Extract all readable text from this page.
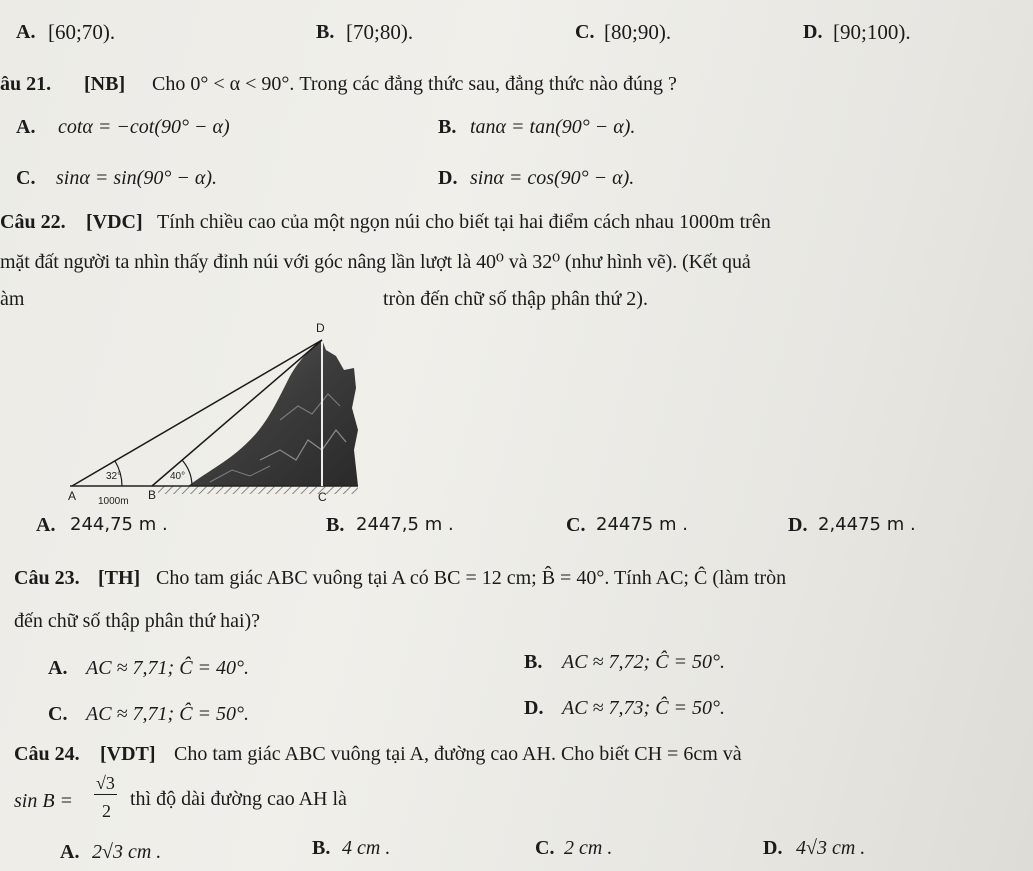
A. [60;70).	B. [70;80).	C. [80;90).	D. [90;100).
âu 21. [NB] Cho 0° < α < 90°. Trong các đẳng thức sau, đẳng thức nào đúng ?
A. cotα = −cot(90° − α)	B. tanα = tan(90° − α).
C. sinα = sin(90° − α).	D. sinα = cos(90° − α).
Câu 22. [VDC] Tính chiều cao của một ngọn núi cho biết tại hai điểm cách nhau 1000m trên
mặt đất người ta nhìn thấy đỉnh núi với góc nâng lần lượt là 40⁰ và 32⁰ (như hình vẽ). (Kết quả
àm	tròn đến chữ số thập phân thứ 2).
D
A	B	C
32°	40°
1000m
A. 244,75 m .	B. 2447,5 m .	C. 24475 m .	D. 2,4475 m .
Câu 23. [TH] Cho tam giác ABC vuông tại A có BC = 12 cm; B̂ = 40°. Tính AC; Ĉ (làm tròn
đến chữ số thập phân thứ hai)?
A. AC ≈ 7,71; Ĉ = 40°.	B. AC ≈ 7,72; Ĉ = 50°.
C. AC ≈ 7,71; Ĉ = 50°.	D. AC ≈ 7,73; Ĉ = 50°.
Câu 24. [VDT] Cho tam giác ABC vuông tại A, đường cao AH. Cho biết CH = 6cm và
sin B =
√3
2
thì độ dài đường cao AH là
A. 2√3 cm .	B. 4 cm .	C. 2 cm .	D. 4√3 cm .
